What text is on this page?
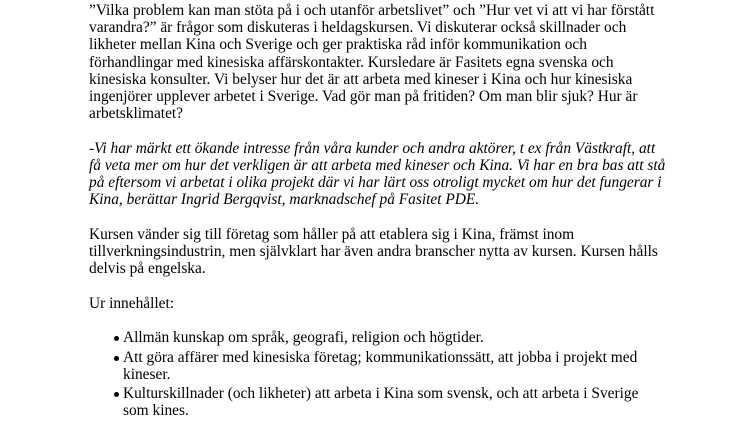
”Vilka problem kan man stöta på i och utanför arbetslivet” och ”Hur vet vi att vi har förstått
varandra?” är frågor som diskuteras i heldagskursen. Vi diskuterar också skillnader och
likheter mellan Kina och Sverige och ger praktiska råd inför kommunikation och
förhandlingar med kinesiska affärskontakter. Kursledare är Fasitets egna svenska och
kinesiska konsulter. Vi belyser hur det är att arbeta med kineser i Kina och hur kinesiska
ingenjörer upplever arbetet i Sverige. Vad gör man på fritiden? Om man blir sjuk? Hur är
arbetsklimatet?
-Vi har märkt ett ökande intresse från våra kunder och andra aktörer, t ex från Västkraft, att
få veta mer om hur det verkligen är att arbeta med kineser och Kina. Vi har en bra bas att stå
på eftersom vi arbetat i olika projekt där vi har lärt oss otroligt mycket om hur det fungerar i
Kina, berättar Ingrid Bergqvist, marknadschef på Fasitet PDE.
Kursen vänder sig till företag som håller på att etablera sig i Kina, främst inom
tillverkningsindustrin, men självklart har även andra branscher nytta av kursen. Kursen hålls
delvis på engelska.
Ur innehållet:
Allmän kunskap om språk, geografi, religion och högtider.
Att göra affärer med kinesiska företag; kommunikationssätt, att jobba i projekt med
kineser.
Kulturskillnader (och likheter) att arbeta i Kina som svensk, och att arbeta i Sverige
som kines.
